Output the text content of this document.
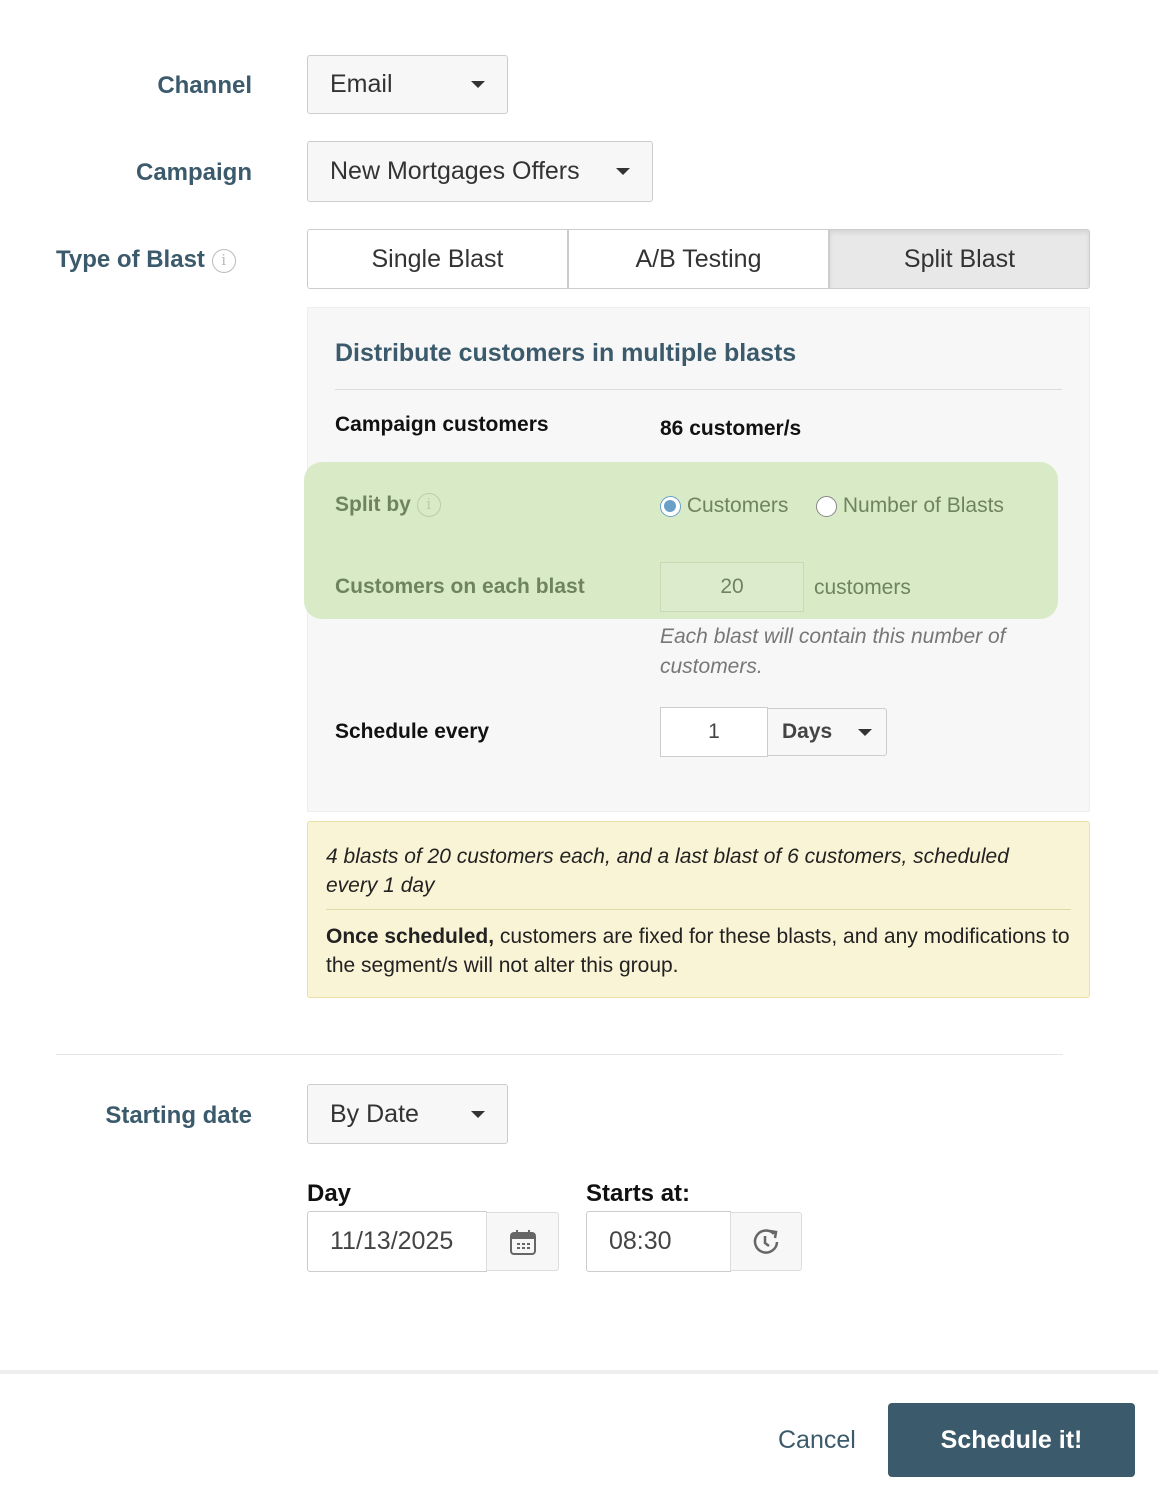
Channel	Email
Campaign	New Mortgages Offers
Type of Blast i	Single Blast	A/B Testing	Split Blast
Distribute customers in multiple blasts
Campaign customers	86 customer/s
Split by i	Customers	Number of Blasts
Customers on each blast	20	customers
Each blast will contain this number of customers.
Schedule every	1	Days
4 blasts of 20 customers each, and a last blast of 6 customers, scheduled every 1 day
Once scheduled, customers are fixed for these blasts, and any modifications to the segment/s will not alter this group.
Starting date	By Date
Day
11/13/2025
Starts at:
08:30
Cancel	Schedule it!
